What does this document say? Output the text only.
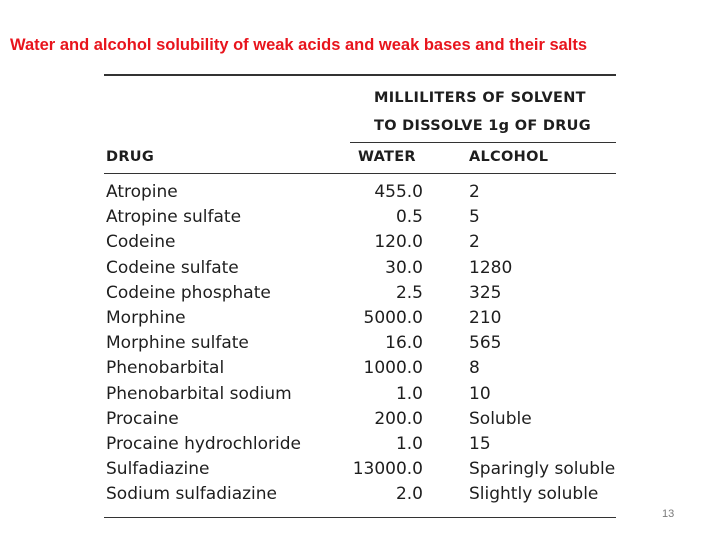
Water and alcohol solubility of weak acids and weak bases and their salts
MILLILITERS OF SOLVENT
TO DISSOLVE 1g OF DRUG
DRUG	WATER	ALCOHOL
Atropine	455.0	2
Atropine sulfate	0.5	5
Codeine	120.0	2
Codeine sulfate	30.0	1280
Codeine phosphate	2.5	325
Morphine	5000.0	210
Morphine sulfate	16.0	565
Phenobarbital	1000.0	8
Phenobarbital sodium	1.0	10
Procaine	200.0	Soluble
Procaine hydrochloride	1.0	15
Sulfadiazine	13000.0	Sparingly soluble
Sodium sulfadiazine	2.0	Slightly soluble
13
